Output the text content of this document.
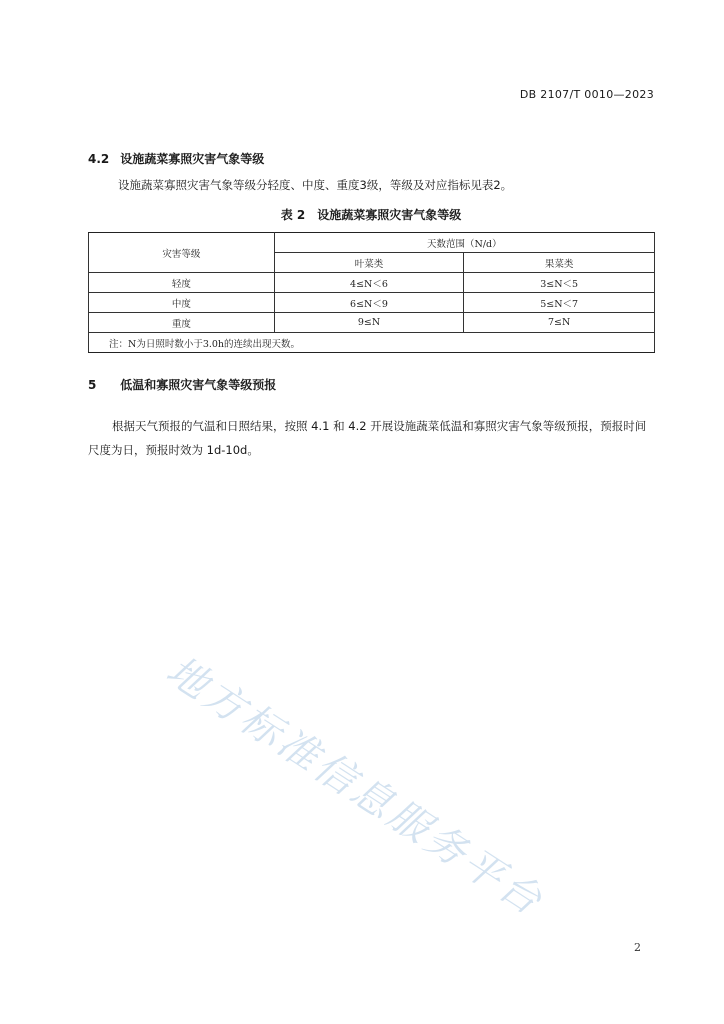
DB 2107/T 0010—2023
4.2 设施蔬菜寡照灾害气象等级
设施蔬菜寡照灾害气象等级分轻度、中度、重度3级，等级及对应指标见表2。
表 2 设施蔬菜寡照灾害气象等级
灾害等级	天数范围（N/d）	
	叶菜类	果菜类
轻度	4≤N＜6	3≤N＜5
中度	6≤N＜9	5≤N＜7
重度	9≤N	7≤N
注：N为日照时数小于3.0h的连续出现天数。		
5 低温和寡照灾害气象等级预报
根据天气预报的气温和日照结果，按照 4.1 和 4.2 开展设施蔬菜低温和寡照灾害气象等级预报，预报时间尺度为日，预报时效为 1d-10d。
地方标准信息服务平台
2
